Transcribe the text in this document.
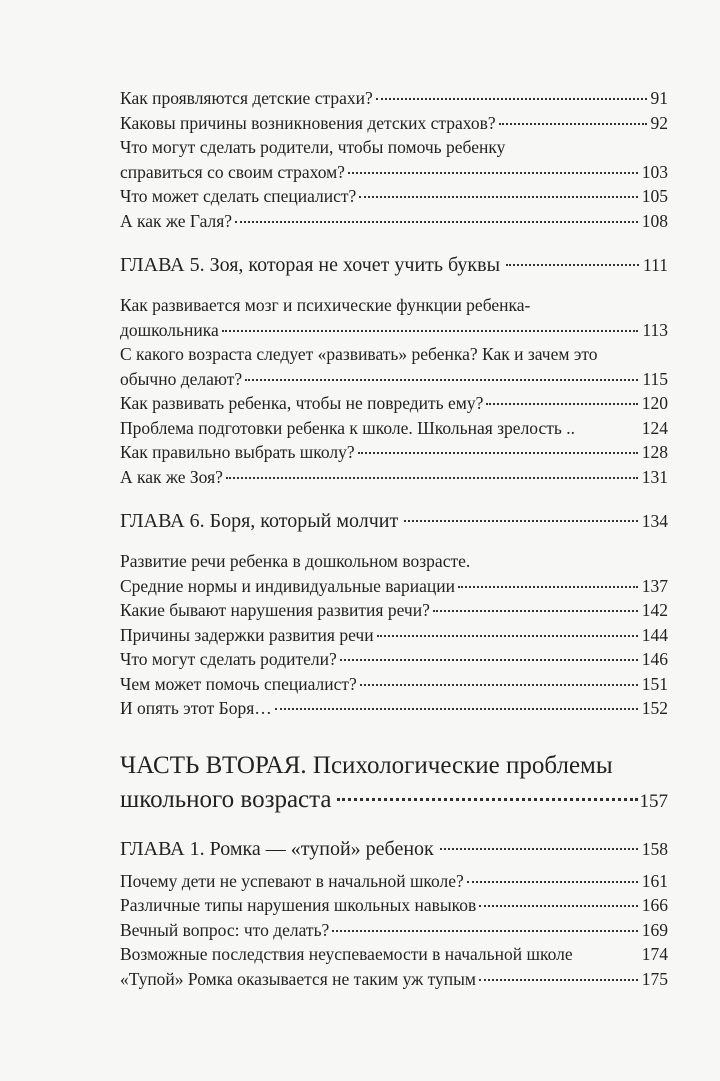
Как проявляются детские страхи?	91
Каковы причины возникновения детских страхов?	92
Что могут сделать родители, чтобы помочь ребенку
справиться со своим страхом?	103
Что может сделать специалист?	105
А как же Галя?	108
ГЛАВА 5. Зоя, которая не хочет учить буквы	111
Как развивается мозг и психические функции ребенка-
дошкольника	113
С какого возраста следует «развивать» ребенка? Как и зачем это
обычно делают?	115
Как развивать ребенка, чтобы не повредить ему?	120
Проблема подготовки ребенка к школе. Школьная зрелость ..	124
Как правильно выбрать школу?	128
А как же Зоя?	131
ГЛАВА 6. Боря, который молчит	134
Развитие речи ребенка в дошкольном возрасте.
Средние нормы и индивидуальные вариации	137
Какие бывают нарушения развития речи?	142
Причины задержки развития речи	144
Что могут сделать родители?	146
Чем может помочь специалист?	151
И опять этот Боря…	152
ЧАСТЬ ВТОРАЯ. Психологические проблемы
школьного возраста	157
ГЛАВА 1. Ромка — «тупой» ребенок	158
Почему дети не успевают в начальной школе?	161
Различные типы нарушения школьных навыков	166
Вечный вопрос: что делать?	169
Возможные последствия неуспеваемости в начальной школе	174
«Тупой» Ромка оказывается не таким уж тупым	175
